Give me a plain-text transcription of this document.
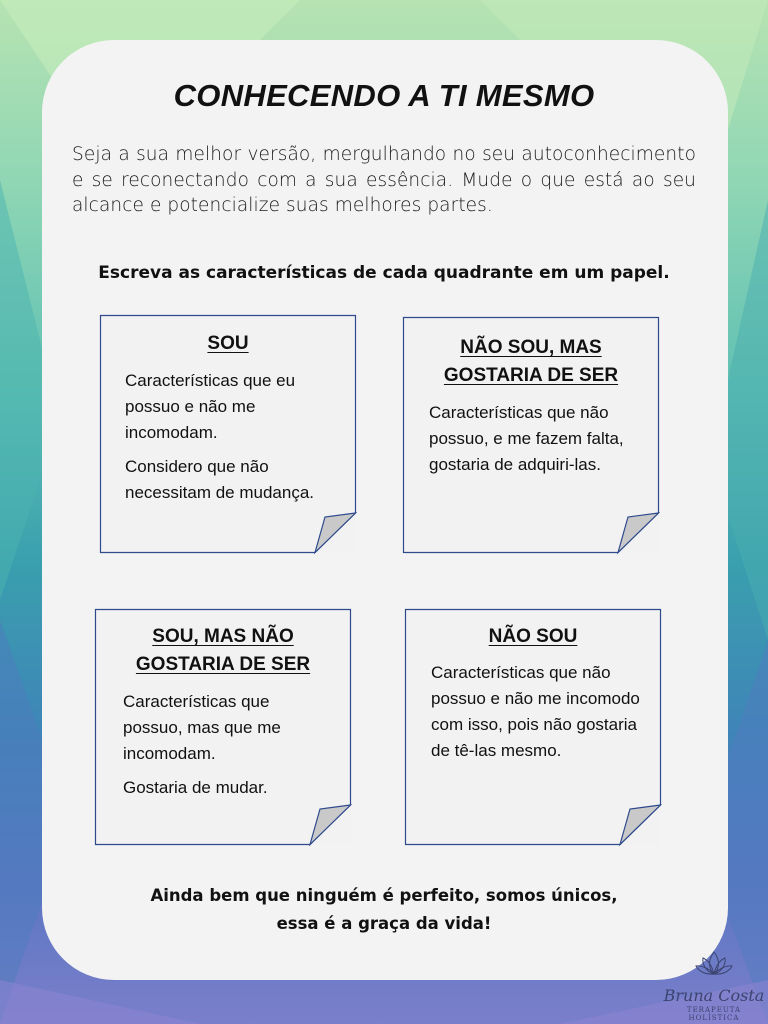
CONHECENDO A TI MESMO
Seja a sua melhor versão, mergulhando no seu autoconhecimento e se reconectando com a sua essência. Mude o que está ao seu alcance e potencialize suas melhores partes.
Escreva as características de cada quadrante em um papel.
SOU

Características que eu possuo e não me incomodam.

Considero que não necessitam de mudança.

NÃO SOU, MAS
GOSTARIA DE SER

Características que não possuo, e me fazem falta, gostaria de adquiri-las.

SOU, MAS NÃO
GOSTARIA DE SER

Características que possuo, mas que me incomodam.

Gostaria de mudar.

NÃO SOU

Características que não possuo e não me incomodo com isso, pois não gostaria de tê-las mesmo.

Ainda bem que ninguém é perfeito, somos únicos,
essa é a graça da vida!
Bruna Costa
TERAPEUTA HOLÍSTICA
